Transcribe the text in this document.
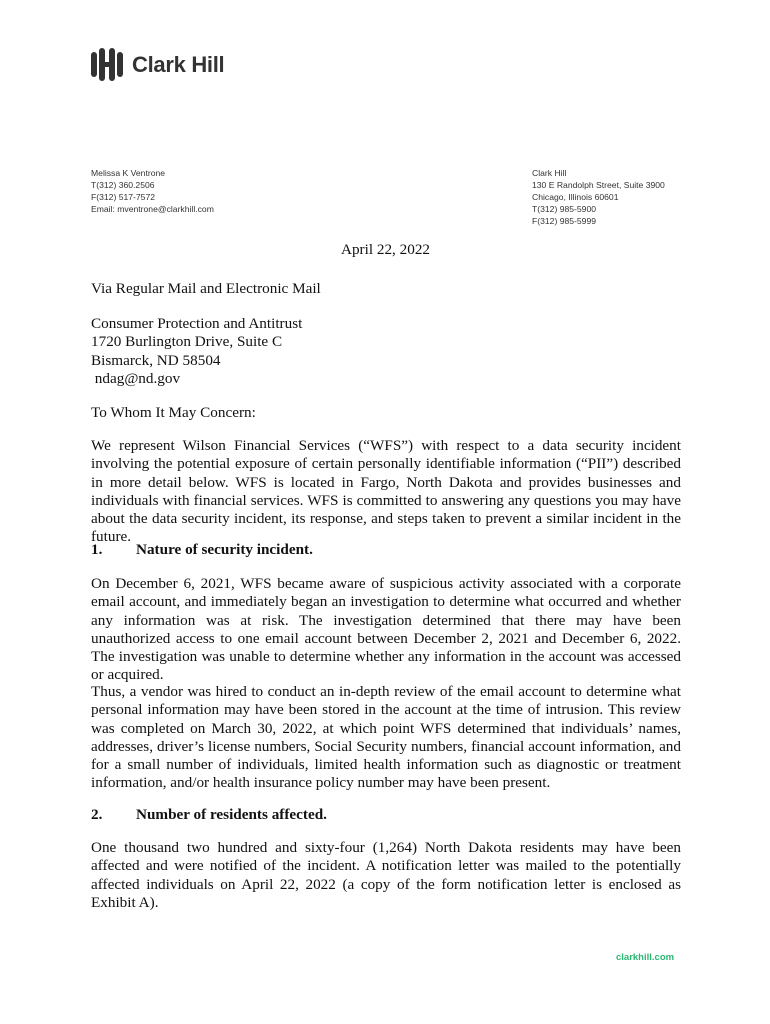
Clark Hill
Melissa K Ventrone
T(312) 360.2506
F(312) 517-7572
Email: mventrone@clarkhill.com
Clark Hill
130 E Randolph Street, Suite 3900
Chicago, Illinois 60601
T(312) 985-5900
F(312) 985-5999
April 22, 2022

Via Regular Mail and Electronic Mail

Consumer Protection and Antitrust
1720 Burlington Drive, Suite C
Bismarck, ND 58504
ndag@nd.gov

To Whom It May Concern:

We represent Wilson Financial Services (“WFS”) with respect to a data security incident involving the potential exposure of certain personally identifiable information (“PII”) described in more detail below. WFS is located in Fargo, North Dakota and provides businesses and individuals with financial services. WFS is committed to answering any questions you may have about the data security incident, its response, and steps taken to prevent a similar incident in the future.

1. Nature of security incident.

On December 6, 2021, WFS became aware of suspicious activity associated with a corporate email account, and immediately began an investigation to determine what occurred and whether any information was at risk. The investigation determined that there may have been unauthorized access to one email account between December 2, 2021 and December 6, 2022. The investigation was unable to determine whether any information in the account was accessed or acquired.

Thus, a vendor was hired to conduct an in-depth review of the email account to determine what personal information may have been stored in the account at the time of intrusion. This review was completed on March 30, 2022, at which point WFS determined that individuals’ names, addresses, driver’s license numbers, Social Security numbers, financial account information, and for a small number of individuals, limited health information such as diagnostic or treatment information, and/or health insurance policy number may have been present.

2. Number of residents affected.

One thousand two hundred and sixty-four (1,264) North Dakota residents may have been affected and were notified of the incident. A notification letter was mailed to the potentially affected individuals on April 22, 2022 (a copy of the form notification letter is enclosed as Exhibit A).

clarkhill.com
